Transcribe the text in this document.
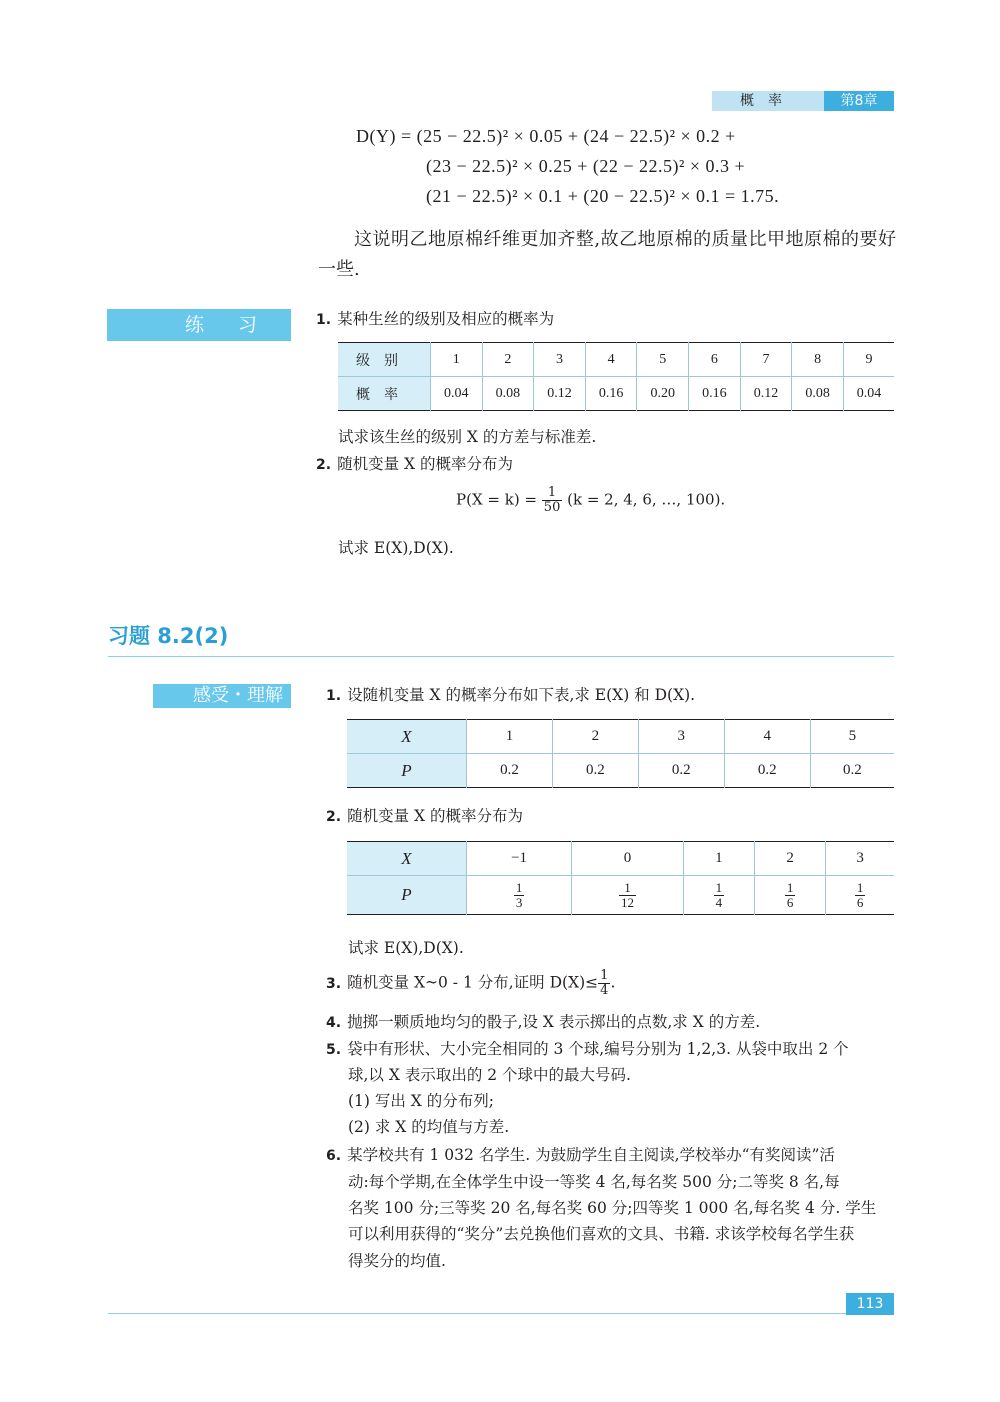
概率	第8章
D(Y) = (25 − 22.5)² × 0.05 + (24 − 22.5)² × 0.2 +
(23 − 22.5)² × 0.25 + (22 − 22.5)² × 0.3 +
(21 − 22.5)² × 0.1 + (20 − 22.5)² × 0.1 = 1.75.
这说明乙地原棉纤维更加齐整,故乙地原棉的质量比甲地原棉的要好一些.
练 习	1. 某种生丝的级别及相应的概率为
级别	1	2	3	4	5	6	7	8	9
概率	0.04	0.08	0.12	0.16	0.20	0.16	0.12	0.08	0.04
试求该生丝的级别 X 的方差与标准差.
2. 随机变量 X 的概率分布为
$P(X = k) = \frac{1}{50} (k = 2$, 4, 6, …, 100).
试求 E(X),D(X).
习题 8.2(2)
感受・理解	1. 设随机变量 X 的概率分布如下表,求 E(X) 和 D(X).
X	1	2	3	4	5
P	0.2	0.2	0.2	0.2	0.2
2. 随机变量 X 的概率分布为
X	−1	0	1	2	3
P	$\frac{1}{3}$	$\frac{1}{12}$	$\frac{1}{4}$	$\frac{1}{6}$	$\frac{1}{6}$
试求 E(X),D(X).
3. 随机变量 X~0 - 1 分布,证明 $D(X)\le \frac{1}{4}$ .
4. 抛掷一颗质地均匀的骰子,设 X 表示掷出的点数,求 X 的方差.
5. 袋中有形状、大小完全相同的 3 个球,编号分别为 1,2,3. 从袋中取出 2 个
球,以 X 表示取出的 2 个球中的最大号码.
(1) 写出 X 的分布列;
(2) 求 X 的均值与方差.
6. 某学校共有 1 032 名学生. 为鼓励学生自主阅读,学校举办“有奖阅读”活
动:每个学期,在全体学生中设一等奖 4 名,每名奖 500 分;二等奖 8 名,每
名奖 100 分;三等奖 20 名,每名奖 60 分;四等奖 1 000 名,每名奖 4 分. 学生
可以利用获得的“奖分”去兑换他们喜欢的文具、书籍. 求该学校每名学生获
得奖分的均值.
113
